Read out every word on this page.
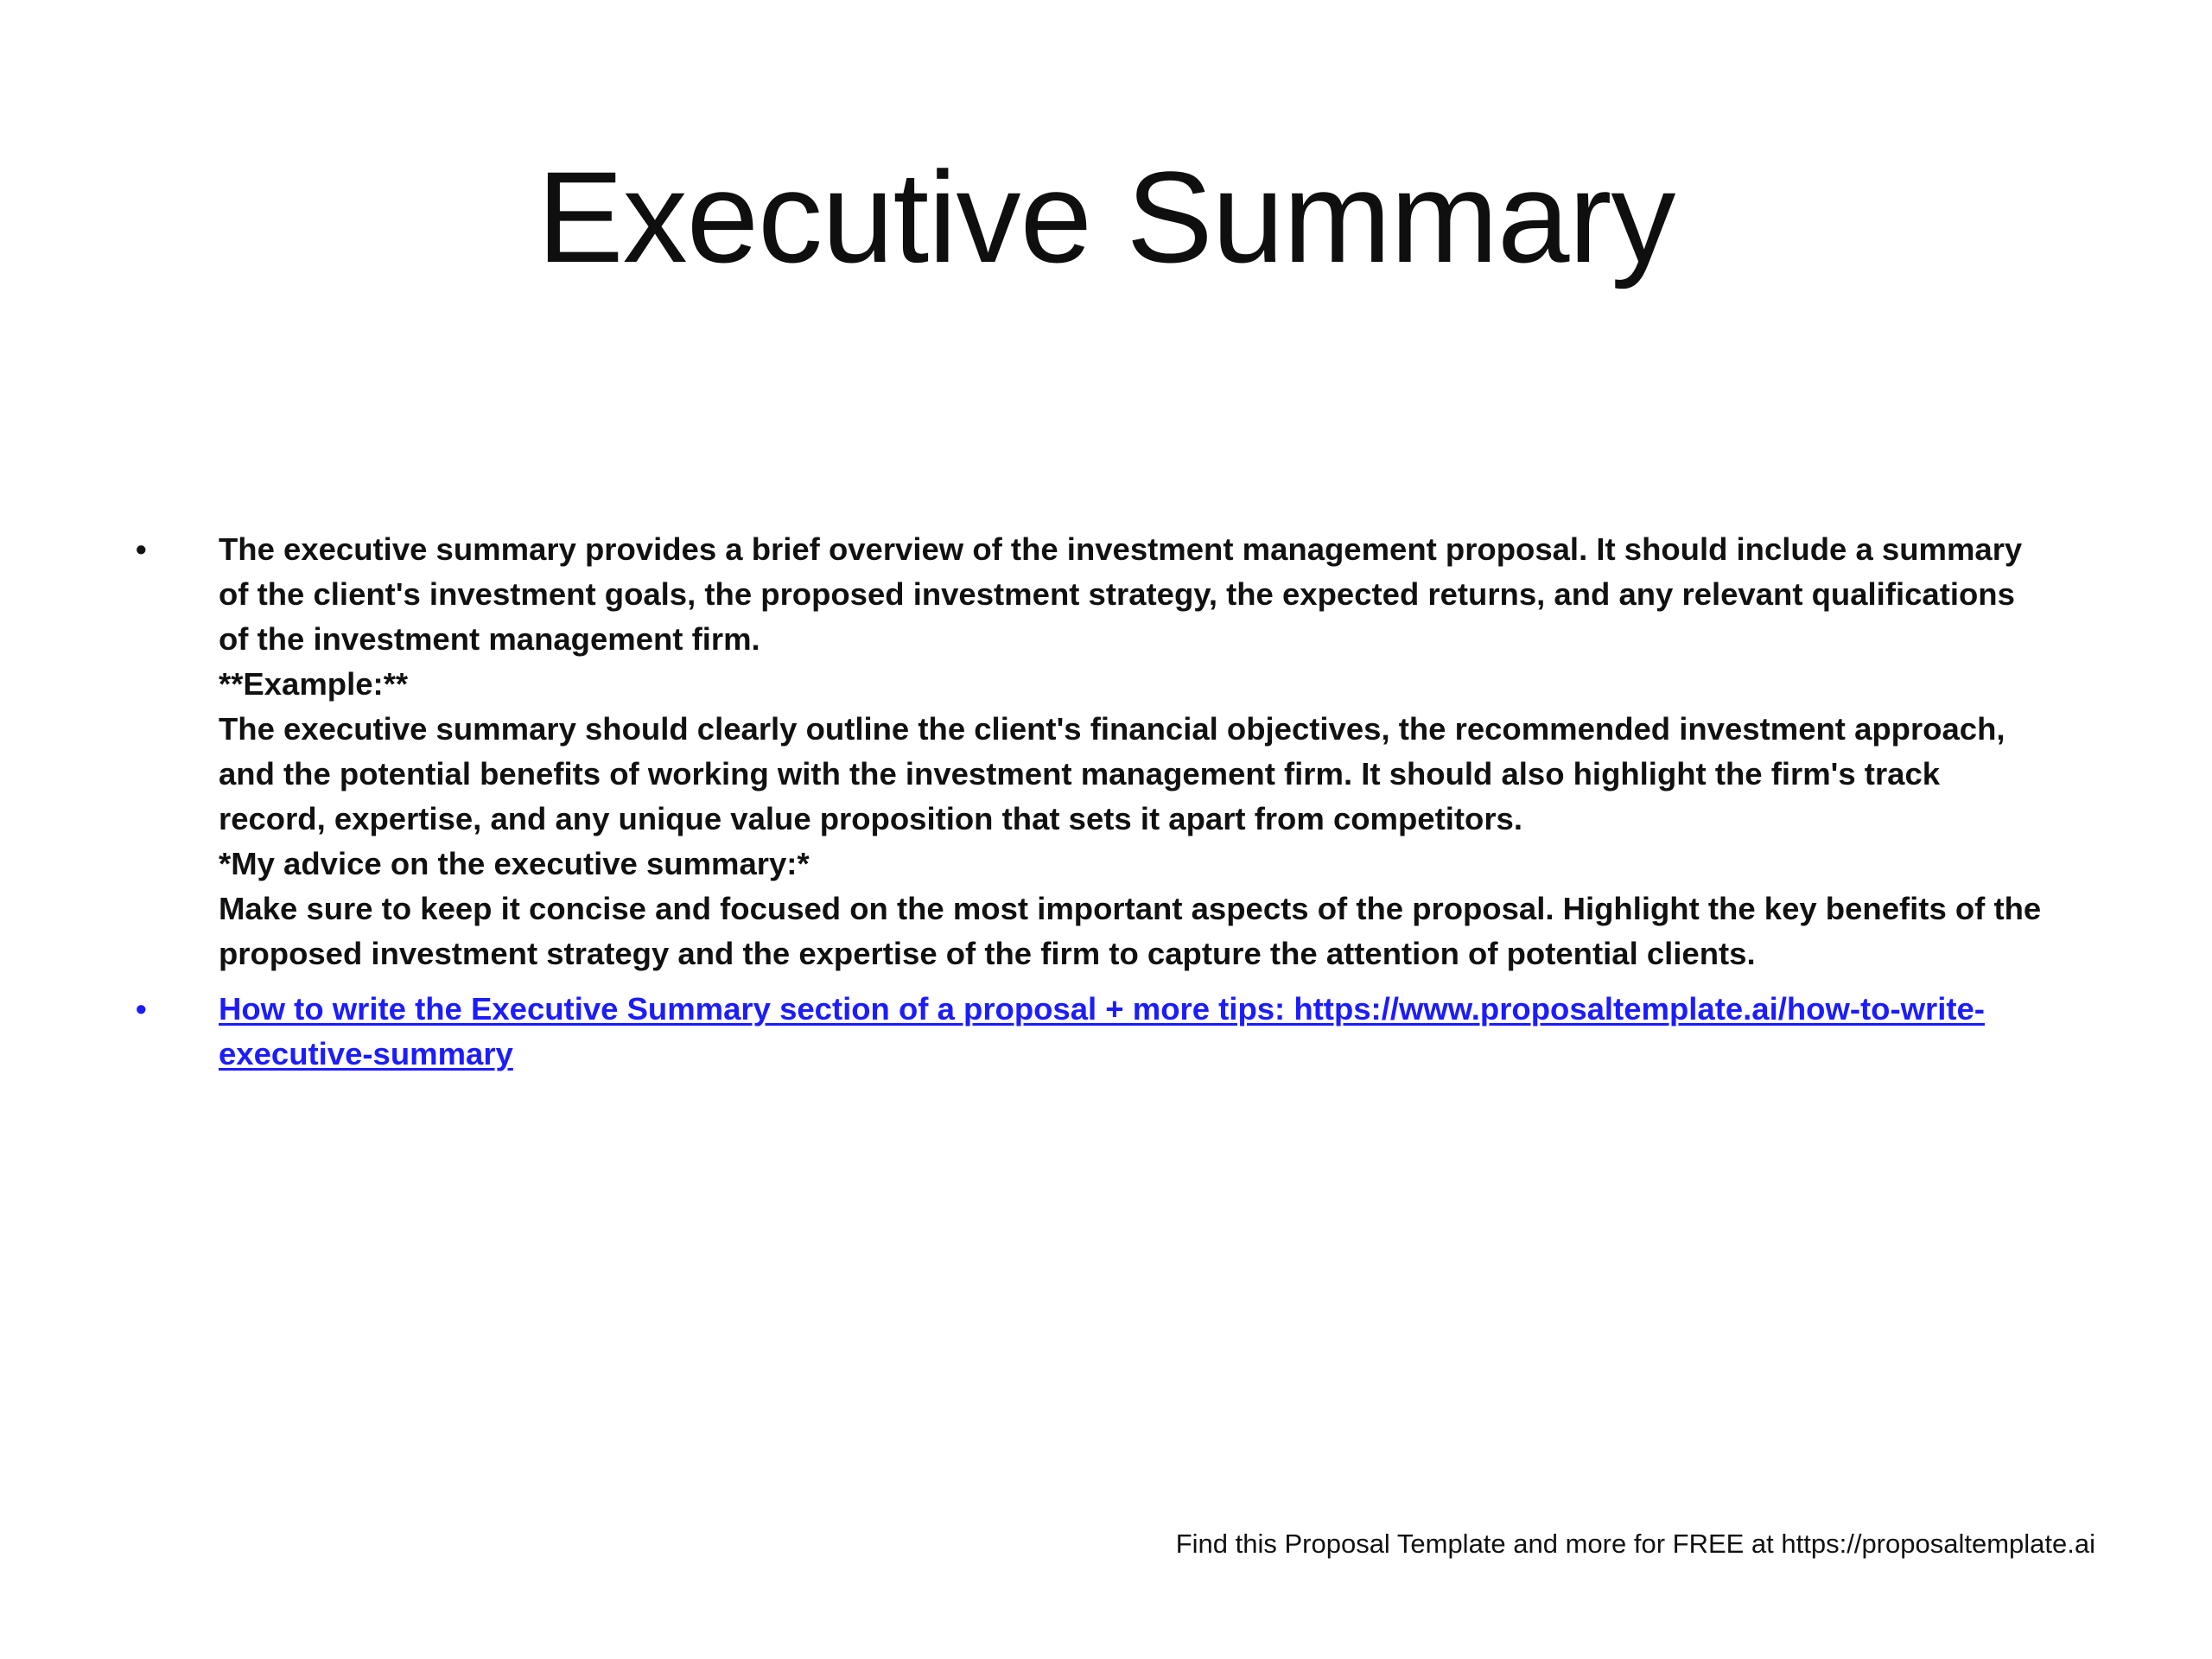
Executive Summary
•	The executive summary provides a brief overview of the investment management proposal. It should include a summary
of the client's investment goals, the proposed investment strategy, the expected returns, and any relevant qualifications
of the investment management firm.
**Example:**
The executive summary should clearly outline the client's financial objectives, the recommended investment approach,
and the potential benefits of working with the investment management firm. It should also highlight the firm's track
record, expertise, and any unique value proposition that sets it apart from competitors.
*My advice on the executive summary:*
Make sure to keep it concise and focused on the most important aspects of the proposal. Highlight the key benefits of the
proposed investment strategy and the expertise of the firm to capture the attention of potential clients.
•	How to write the Executive Summary section of a proposal + more tips: https://www.proposaltemplate.ai/how-to-write-
executive-summary
Find this Proposal Template and more for FREE at https://proposaltemplate.ai
